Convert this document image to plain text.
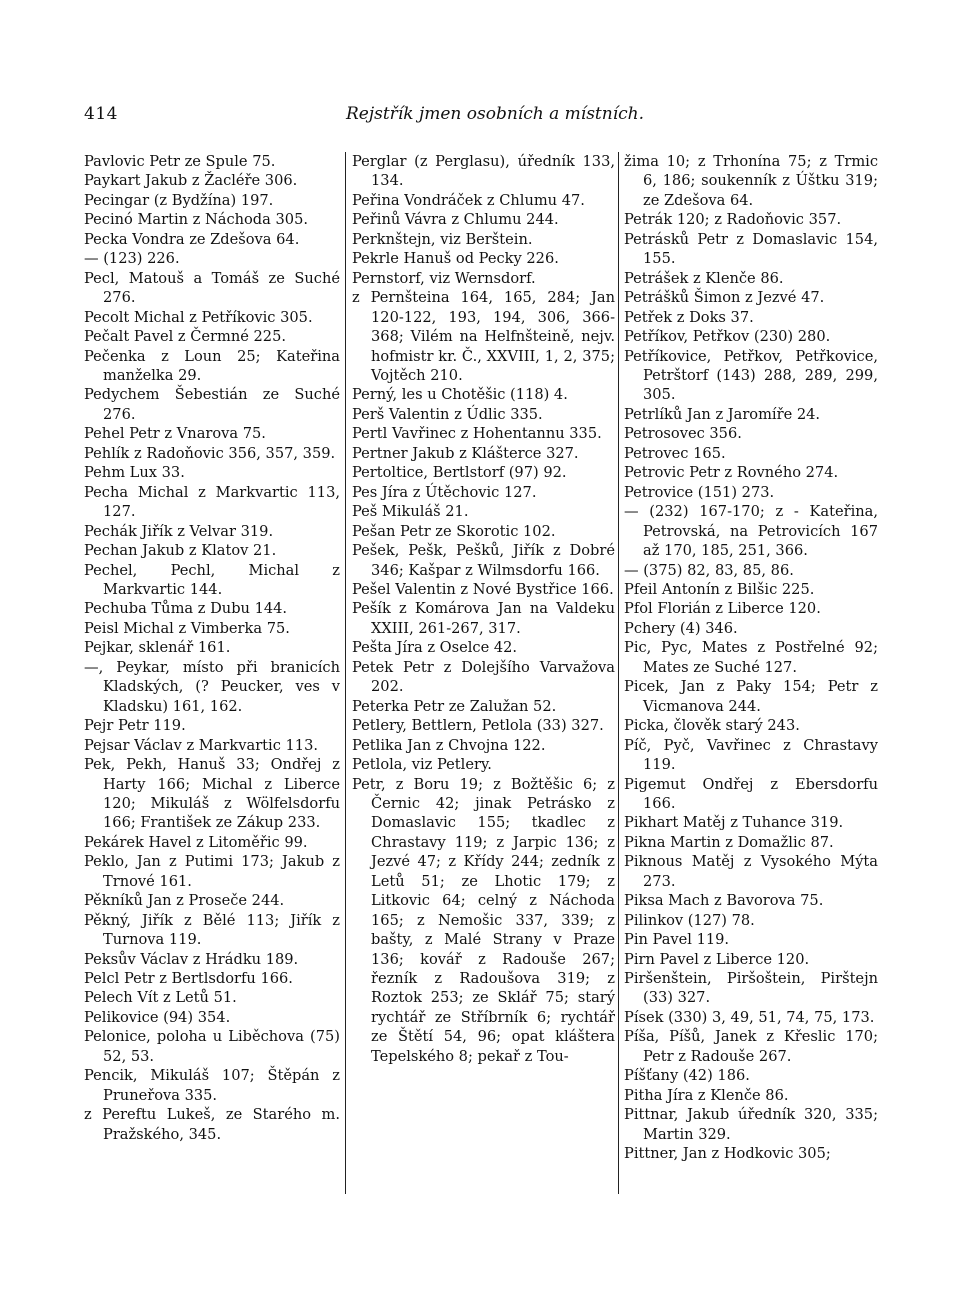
414	Rejstřík jmen osobních a místních.
Pavlovic Petr ze Spule 75.
Paykart Jakub z Žacléře 306.
Pecingar (z Bydžína) 197.
Pecinó Martin z Náchoda 305.
Pecka Vondra ze Zdešova 64.
— (123) 226.
Pecl, Matouš a Tomáš ze Suché 276.
Pecolt Michal z Petříkovic 305.
Pečalt Pavel z Čermné 225.
Pečenka z Loun 25; Kateřina manželka 29.
Pedychem Šebestián ze Suché 276.
Pehel Petr z Vnarova 75.
Pehlík z Radoňovic 356, 357, 359.
Pehm Lux 33.
Pecha Michal z Markvartic 113, 127.
Pechák Jiřík z Velvar 319.
Pechan Jakub z Klatov 21.
Pechel, Pechl, Michal z Markvartic 144.
Pechuba Tůma z Dubu 144.
Peisl Michal z Vimberka 75.
Pejkar, sklenář 161.
—, Peykar, místo při branicích Kladských, (? Peucker, ves v Kladsku) 161, 162.
Pejr Petr 119.
Pejsar Václav z Markvartic 113.
Pek, Pekh, Hanuš 33; Ondřej z Harty 166; Michal z Liberce 120; Mikuláš z Wölfelsdorfu 166; František ze Zákup 233.
Pekárek Havel z Litoměřic 99.
Peklo, Jan z Putimi 173; Jakub z Trnové 161.
Pěkníků Jan z Proseče 244.
Pěkný, Jiřík z Bělé 113; Jiřík z Turnova 119.
Peksův Václav z Hrádku 189.
Pelcl Petr z Bertlsdorfu 166.
Pelech Vít z Letů 51.
Pelikovice (94) 354.
Pelonice, poloha u Liběchova (75) 52, 53.
Pencik, Mikuláš 107; Štěpán z Pruneřova 335.
z Pereftu Lukeš, ze Starého m. Pražského, 345.
Perglar (z Perglasu), úředník 133, 134.
Peřina Vondráček z Chlumu 47.
Peřinů Vávra z Chlumu 244.
Perknštejn, viz Berštein.
Pekrle Hanuš od Pecky 226.
Pernstorf, viz Wernsdorf.
z Pernšteina 164, 165, 284; Jan 120-122, 193, 194, 306, 366-368; Vilém na Helfnšteině, nejv. hofmistr kr. Č., XXVIII, 1, 2, 375; Vojtěch 210.
Perný, les u Chotěšic (118) 4.
Perš Valentin z Údlic 335.
Pertl Vavřinec z Hohentannu 335.
Pertner Jakub z Klášterce 327.
Pertoltice, Bertlstorf (97) 92.
Pes Jíra z Útěchovic 127.
Peš Mikuláš 21.
Pešan Petr ze Skorotic 102.
Pešek, Pešk, Pešků, Jiřík z Dobré 346; Kašpar z Wilmsdorfu 166.
Pešel Valentin z Nové Bystřice 166.
Pešík z Komárova Jan na Valdeku XXIII, 261-267, 317.
Pešta Jíra z Oselce 42.
Petek Petr z Dolejšího Varvažova 202.
Peterka Petr ze Zalužan 52.
Petlery, Bettlern, Petlola (33) 327.
Petlika Jan z Chvojna 122.
Petlola, viz Petlery.
Petr, z Boru 19; z Božtěšic 6; z Černic 42; jinak Petrásko z Domaslavic 155; tkadlec z Chrastavy 119; z Jarpic 136; z Jezvé 47; z Křídy 244; zedník z Letů 51; ze Lhotic 179; z Litkovic 64; celný z Náchoda 165; z Nemošic 337, 339; z bašty, z Malé Strany v Praze 136; kovář z Radouše 267; řezník z Radoušova 319; z Roztok 253; ze Sklář 75; starý rychtář ze Stříbrník 6; rychtář ze Štětí 54, 96; opat kláštera Tepelského 8; pekař z Tou-
žima 10; z Trhonína 75; z Trmic 6, 186; soukenník z Úštku 319; ze Zdešova 64.
Petrák 120; z Radoňovic 357.
Petrásků Petr z Domaslavic 154, 155.
Petrášek z Klenče 86.
Petrášků Šimon z Jezvé 47.
Petřek z Doks 37.
Petříkov, Petřkov (230) 280.
Petříkovice, Petřkov, Petřkovice, Petrštorf (143) 288, 289, 299, 305.
Petrlíků Jan z Jaromíře 24.
Petrosovec 356.
Petrovec 165.
Petrovic Petr z Rovného 274.
Petrovice (151) 273.
— (232) 167-170; z - Kateřina, Petrovská, na Petrovicích 167 až 170, 185, 251, 366.
— (375) 82, 83, 85, 86.
Pfeil Antonín z Bilšic 225.
Pfol Florián z Liberce 120.
Pchery (4) 346.
Pic, Pyc, Mates z Postřelné 92; Mates ze Suché 127.
Picek, Jan z Paky 154; Petr z Vicmanova 244.
Picka, člověk starý 243.
Píč, Pyč, Vavřinec z Chrastavy 119.
Pigemut Ondřej z Ebersdorfu 166.
Pikhart Matěj z Tuhance 319.
Pikna Martin z Domažlic 87.
Piknous Matěj z Vysokého Mýta 273.
Piksa Mach z Bavorova 75.
Pilinkov (127) 78.
Pin Pavel 119.
Pirn Pavel z Liberce 120.
Piršenštein, Piršoštein, Pirštejn (33) 327.
Písek (330) 3, 49, 51, 74, 75, 173.
Píša, Píšů, Janek z Křeslic 170; Petr z Radouše 267.
Píšťany (42) 186.
Pitha Jíra z Klenče 86.
Pittnar, Jakub úředník 320, 335; Martin 329.
Pittner, Jan z Hodkovic 305;
